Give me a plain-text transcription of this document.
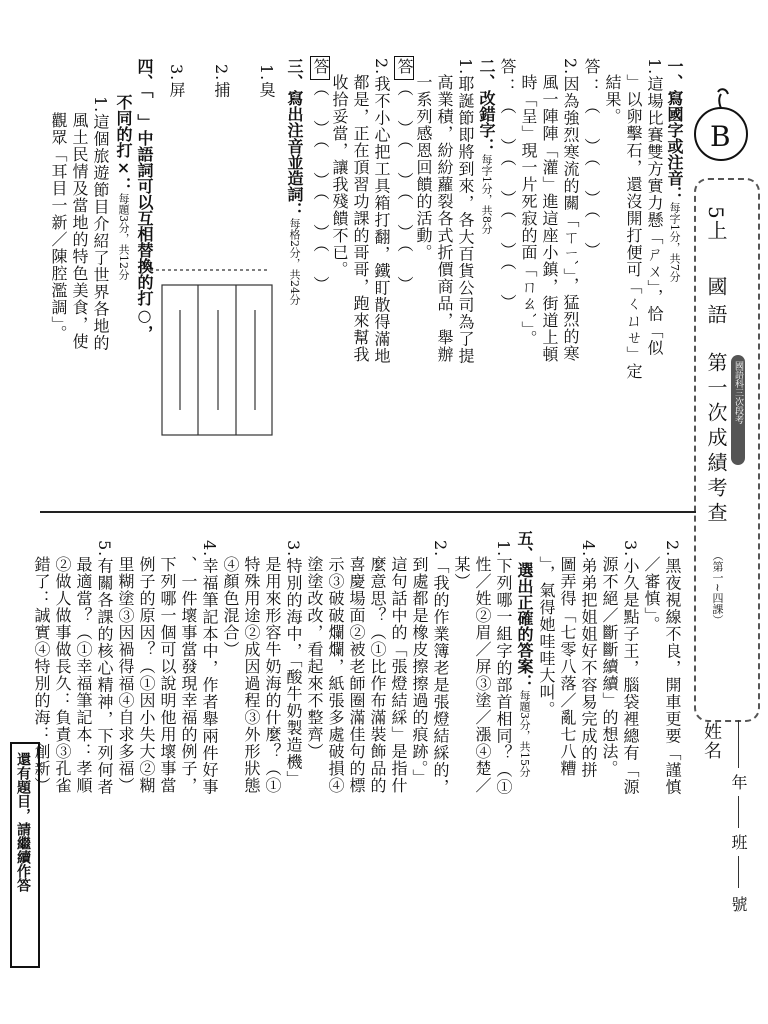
B
5上
國語
第一次成績考查
（第一∼四課）
國語科三次段考
姓名
年
班
號
一、寫國字或注音：每字1分，共7分
1.這場比賽雙方實力懸「ㄕㄨ」，恰「似
」以卵擊石，還沒開打便可「ㄑㄩㄝ」定
結果。
答：（　）（　）（　）
2.因為強烈寒流的關「ㄒㄧˋ」，猛烈的寒
風一陣陣「灌」進這座小鎮，街道上頓
時「呈」現一片死寂的面「ㄇㄠˋ」。
答：（　）（　）（　）（　）
二、改錯字：每字1分，共8分
1.耶誕節即將到來，各大百貨公司為了提
高業積，紛紛蘿裂各式折價商品，舉辦
一系列感恩回饋的活動。
答（　）（　）（　）（　）
2.我不小心把工具箱打翻，鐵盯散得滿地
都是，正在頂習功課的哥哥，跑來幫我
收拾妥當，讓我殘饋不已。
答（　）（　）（　）（　）
三、寫出注音並造詞：每格2分，共24分
1.臭
2.捕
3.屏
四、「　」中語詞可以互相替換的打○，
不同的打×：每題3分，共12分
1.這個旅遊節目介紹了世界各地的
風土民情及當地的特色美食，使
觀眾「耳目一新／陳腔濫調」。
2.黑夜視線不良，開車更要「謹慎
／審慎」。
3.小久是點子王，腦袋裡總有「源
源不絕／斷斷續續」的想法。
4.弟弟把姐姐好不容易完成的拼
圖弄得「七零八落／亂七八糟
」，氣得她哇哇大叫。
五、選出正確的答案：每題3分，共15分
1.下列哪一組字的部首相同？（①
性／姓②眉／屏③塗／漲④楚／
某）
2.「我的作業簿老是張燈結綵的，
到處都是橡皮擦擦過的痕跡。」
這句話中的「張燈結綵」是指什
麼意思？（①比作布滿裝飾品的
喜慶場面②被老師圈滿佳句的標
示③破破爛爛，紙張多處破損④
塗塗改改，看起來不整齊）
3.特別的海中，「酸牛奶製造機」
是用來形容牛奶海的什麼？（①
特殊用途②成因過程③外形狀態
④顏色混合）
4.幸福筆記本中，作者舉兩件好事
、一件壞事當發現幸福的例子，
下列哪一個可以說明他用壞事當
例子的原因？（①因小失大②糊
里糊塗③因禍得福④自求多福）
5.有關各課的核心精神，下列何者
最適當？（①幸福筆記本：孝順
②做人做事做長久：負責③孔雀
錯了：誠實④特別的海：創新）
還有題目，請繼續作答
